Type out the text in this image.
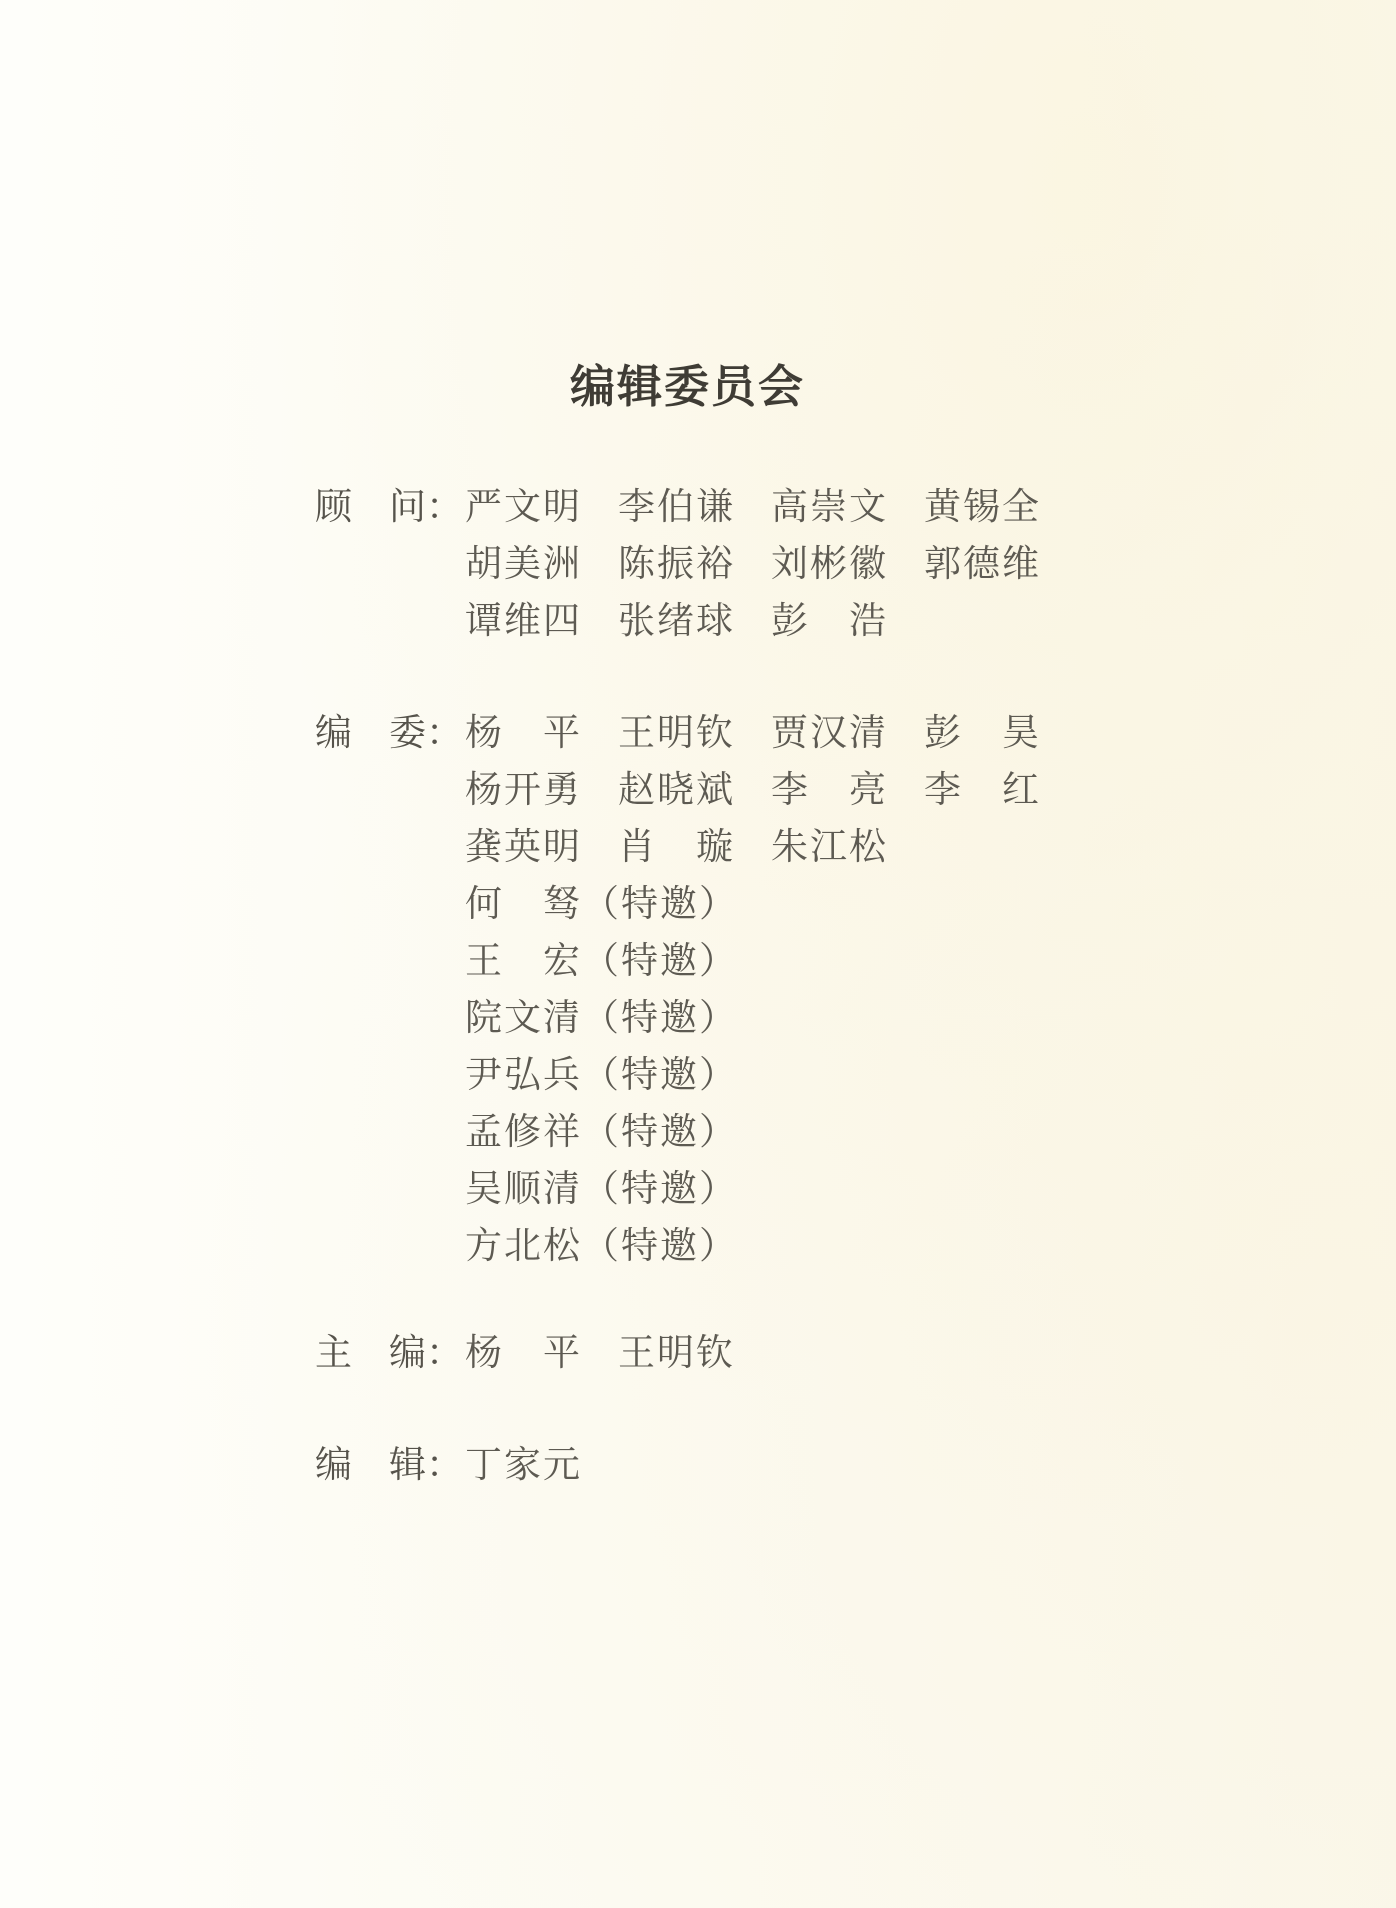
编辑委员会
顾　问： 严文明 李伯谦 高崇文 黄锡全
胡美洲 陈振裕 刘彬徽 郭德维
谭维四 张绪球 彭　浩
编　委： 杨　平 王明钦 贾汉清 彭　昊
杨开勇 赵晓斌 李　亮 李　红
龚英明 肖　璇 朱江松
何　驽（特邀）
王　宏（特邀）
院文清（特邀）
尹弘兵（特邀）
孟修祥（特邀）
吴顺清（特邀）
方北松（特邀）
主　编： 杨　平 王明钦
编　辑： 丁家元
